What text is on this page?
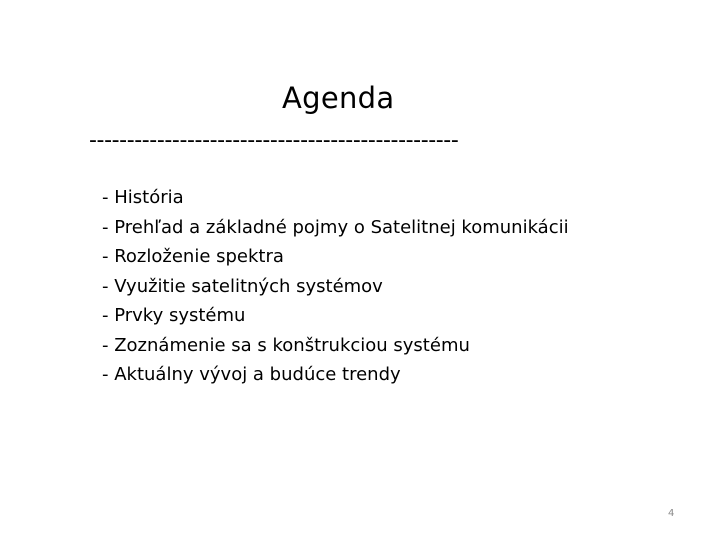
Agenda
-------------------------------------------------
- História
- Prehľad a základné pojmy o Satelitnej komunikácii
- Rozloženie spektra
- Využitie satelitných systémov
- Prvky systému
- Zoznámenie sa s konštrukciou systému
- Aktuálny vývoj a budúce trendy
4
